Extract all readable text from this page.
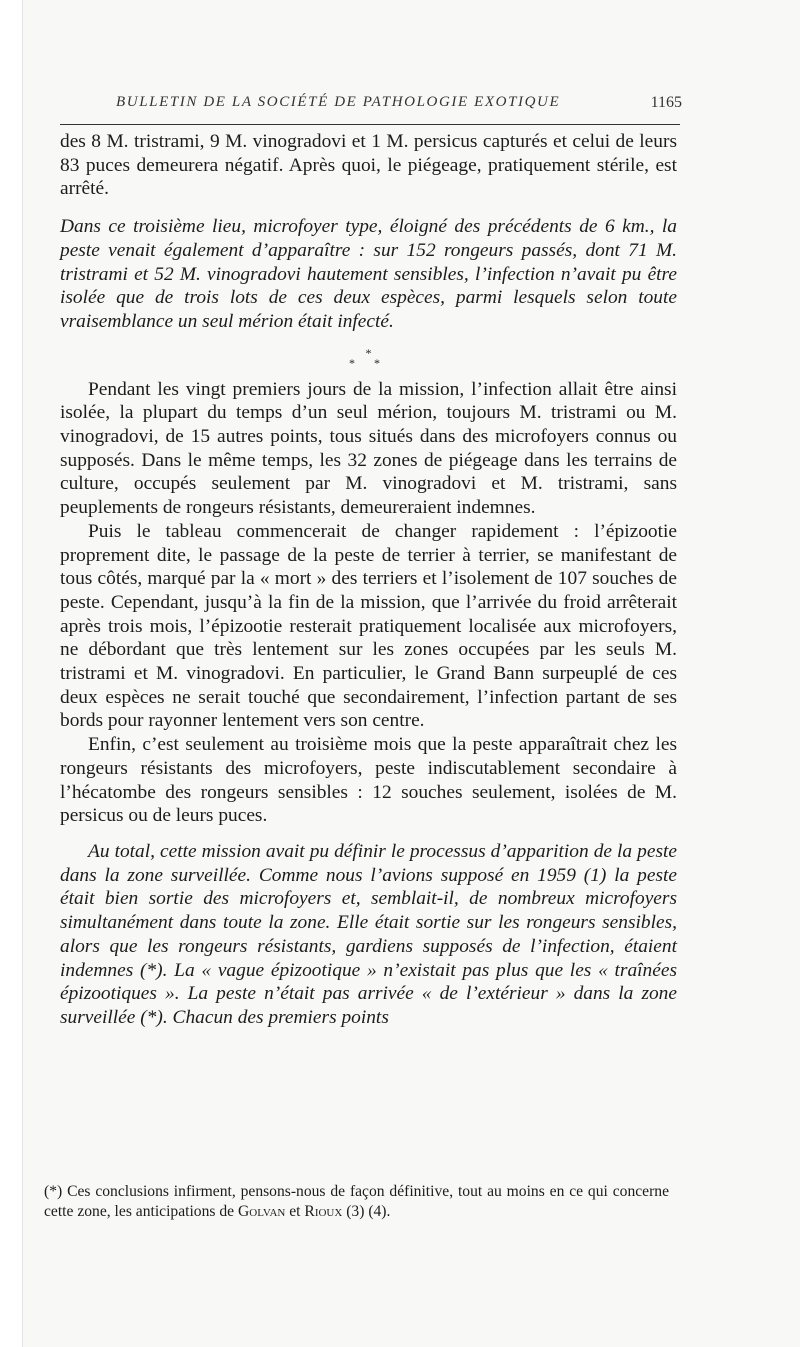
BULLETIN DE LA SOCIÉTÉ DE PATHOLOGIE EXOTIQUE	1165

des 8 M. tristrami, 9 M. vinogradovi et 1 M. persicus capturés et celui de leurs 83 puces demeurera négatif. Après quoi, le piégeage, pratiquement stérile, est arrêté.

Dans ce troisième lieu, microfoyer type, éloigné des précédents de 6 km., la peste venait également d’apparaître : sur 152 rongeurs passés, dont 71 M. tristrami et 52 M. vinogradovi hautement sensibles, l’infection n’avait pu être isolée que de trois lots de ces deux espèces, parmi lesquels selon toute vraisemblance un seul mérion était infecté.

*
* *

Pendant les vingt premiers jours de la mission, l’infection allait être ainsi isolée, la plupart du temps d’un seul mérion, toujours M. tristrami ou M. vinogradovi, de 15 autres points, tous situés dans des microfoyers connus ou supposés. Dans le même temps, les 32 zones de piégeage dans les terrains de culture, occupés seulement par M. vinogradovi et M. tristrami, sans peuplements de rongeurs résistants, demeureraient indemnes.

Puis le tableau commencerait de changer rapidement : l’épizootie proprement dite, le passage de la peste de terrier à terrier, se manifestant de tous côtés, marqué par la « mort » des terriers et l’isolement de 107 souches de peste. Cependant, jusqu’à la fin de la mission, que l’arrivée du froid arrêterait après trois mois, l’épizootie resterait pratiquement localisée aux microfoyers, ne débordant que très lentement sur les zones occupées par les seuls M. tristrami et M. vinogradovi. En particulier, le Grand Bann surpeuplé de ces deux espèces ne serait touché que secondairement, l’infection partant de ses bords pour rayonner lentement vers son centre.

Enfin, c’est seulement au troisième mois que la peste apparaîtrait chez les rongeurs résistants des microfoyers, peste indiscutablement secondaire à l’hécatombe des rongeurs sensibles : 12 souches seulement, isolées de M. persicus ou de leurs puces.

Au total, cette mission avait pu définir le processus d’apparition de la peste dans la zone surveillée. Comme nous l’avions supposé en 1959 (1) la peste était bien sortie des microfoyers et, semblait-il, de nombreux microfoyers simultanément dans toute la zone. Elle était sortie sur les rongeurs sensibles, alors que les rongeurs résistants, gardiens supposés de l’infection, étaient indemnes (*). La « vague épizootique » n’existait pas plus que les « traînées épizootiques ». La peste n’était pas arrivée « de l’extérieur » dans la zone surveillée (*). Chacun des premiers points

(*) Ces conclusions infirment, pensons-nous de façon définitive, tout au moins en ce qui concerne cette zone, les anticipations de Golvan et Rioux (3) (4).
